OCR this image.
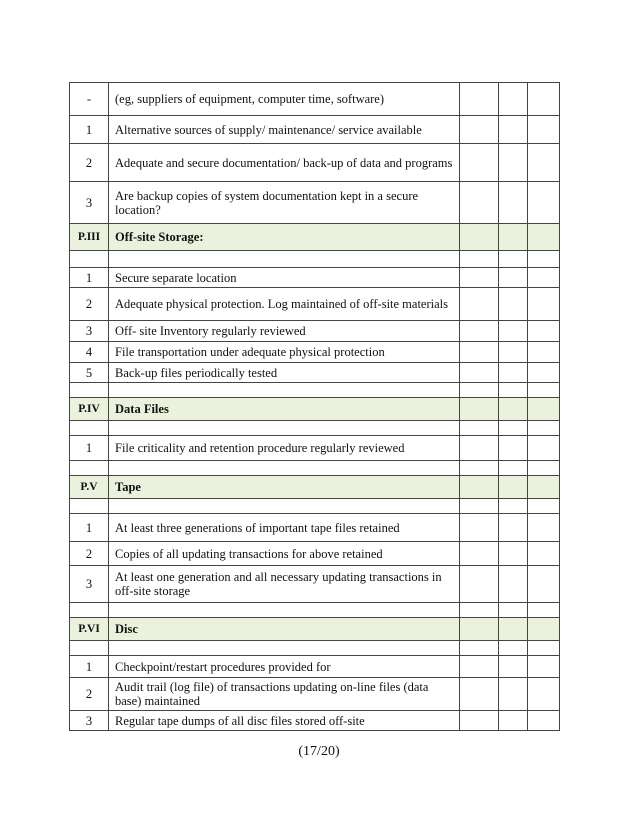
-	(eg, suppliers of equipment, computer time, software)			
1	Alternative sources of supply/ maintenance/ service available			
2	Adequate and secure documentation/ back-up of data and programs			
3	Are backup copies of system documentation kept in a secure location?			
P.III	Off-site Storage:			

1	Secure separate location			
2	Adequate physical protection. Log maintained of off-site materials			
3	Off- site Inventory regularly reviewed			
4	File transportation under adequate physical protection			
5	Back-up files periodically tested			

P.IV	Data Files			

1	File criticality and retention procedure regularly reviewed			

P.V	Tape			

1	At least three generations of important tape files retained			
2	Copies of all updating transactions for above retained			
3	At least one generation and all necessary updating transactions in off-site storage			

P.VI	Disc			

1	Checkpoint/restart procedures provided for			
2	Audit trail (log file) of transactions updating on-line files (data base) maintained			
3	Regular tape dumps of all disc files stored off-site			
(17/20)
